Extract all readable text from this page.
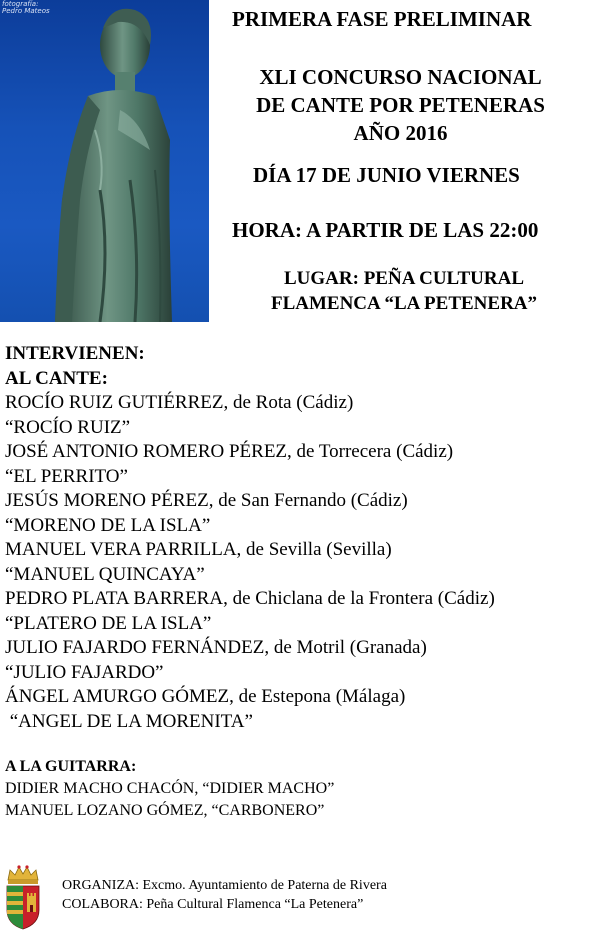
fotografía:
Pedro Mateos	PRIMERA FASE PRELIMINAR
XLI CONCURSO NACIONAL
DE CANTE POR PETENERAS
AÑO 2016
DÍA 17 DE JUNIO VIERNES
HORA: A PARTIR DE LAS 22:00
LUGAR: PEÑA CULTURAL
FLAMENCA “LA PETENERA”
INTERVIENEN:
AL CANTE:
ROCÍO RUIZ GUTIÉRREZ, de Rota (Cádiz)
“ROCÍO RUIZ”
JOSÉ ANTONIO ROMERO PÉREZ, de Torrecera (Cádiz)
“EL PERRITO”
JESÚS MORENO PÉREZ, de San Fernando (Cádiz)
“MORENO DE LA ISLA”
MANUEL VERA PARRILLA, de Sevilla (Sevilla)
“MANUEL QUINCAYA”
PEDRO PLATA BARRERA, de Chiclana de la Frontera (Cádiz)
“PLATERO DE LA ISLA”
JULIO FAJARDO FERNÁNDEZ, de Motril (Granada)
“JULIO FAJARDO”
ÁNGEL AMURGO GÓMEZ, de Estepona (Málaga)
“ANGEL DE LA MORENITA”
A LA GUITARRA:
DIDIER MACHO CHACÓN, “DIDIER MACHO”
MANUEL LOZANO GÓMEZ, “CARBONERO”
ORGANIZA: Excmo. Ayuntamiento de Paterna de Rivera
COLABORA: Peña Cultural Flamenca “La Petenera”
